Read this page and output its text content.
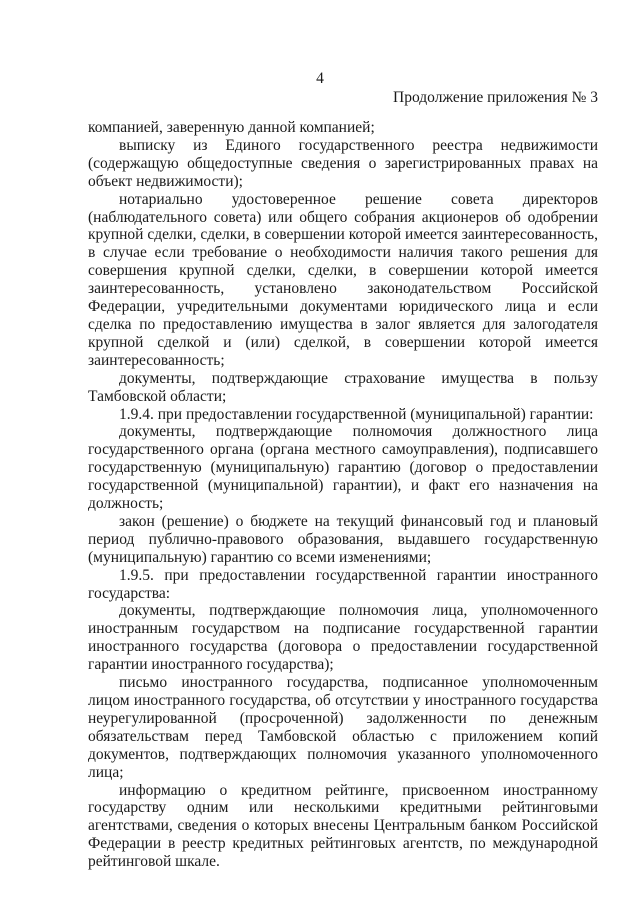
4
Продолжение приложения № 3

компанией, заверенную данной компанией;

выписку из Единого государственного реестра недвижимости (содержащую общедоступные сведения о зарегистрированных правах на объект недвижимости);

нотариально удостоверенное решение совета директоров (наблюдательного совета) или общего собрания акционеров об одобрении крупной сделки, сделки, в совершении которой имеется заинтересованность, в случае если требование о необходимости наличия такого решения для совершения крупной сделки, сделки, в совершении которой имеется заинтересованность, установлено законодательством Российской Федерации, учредительными документами юридического лица и если сделка по предоставлению имущества в залог является для залогодателя крупной сделкой и (или) сделкой, в совершении которой имеется заинтересованность;

документы, подтверждающие страхование имущества в пользу Тамбовской области;

1.9.4. при предоставлении государственной (муниципальной) гарантии:

документы, подтверждающие полномочия должностного лица государственного органа (органа местного самоуправления), подписавшего государственную (муниципальную) гарантию (договор о предоставлении государственной (муниципальной) гарантии), и факт его назначения на должность;

закон (решение) о бюджете на текущий финансовый год и плановый период публично-правового образования, выдавшего государственную (муниципальную) гарантию со всеми изменениями;

1.9.5. при предоставлении государственной гарантии иностранного государства:

документы, подтверждающие полномочия лица, уполномоченного иностранным государством на подписание государственной гарантии иностранного государства (договора о предоставлении государственной гарантии иностранного государства);

письмо иностранного государства, подписанное уполномоченным лицом иностранного государства, об отсутствии у иностранного государства неурегулированной (просроченной) задолженности по денежным обязательствам перед Тамбовской областью с приложением копий документов, подтверждающих полномочия указанного уполномоченного лица;

информацию о кредитном рейтинге, присвоенном иностранному государству одним или несколькими кредитными рейтинговыми агентствами, сведения о которых внесены Центральным банком Российской Федерации в реестр кредитных рейтинговых агентств, по международной рейтинговой шкале.
